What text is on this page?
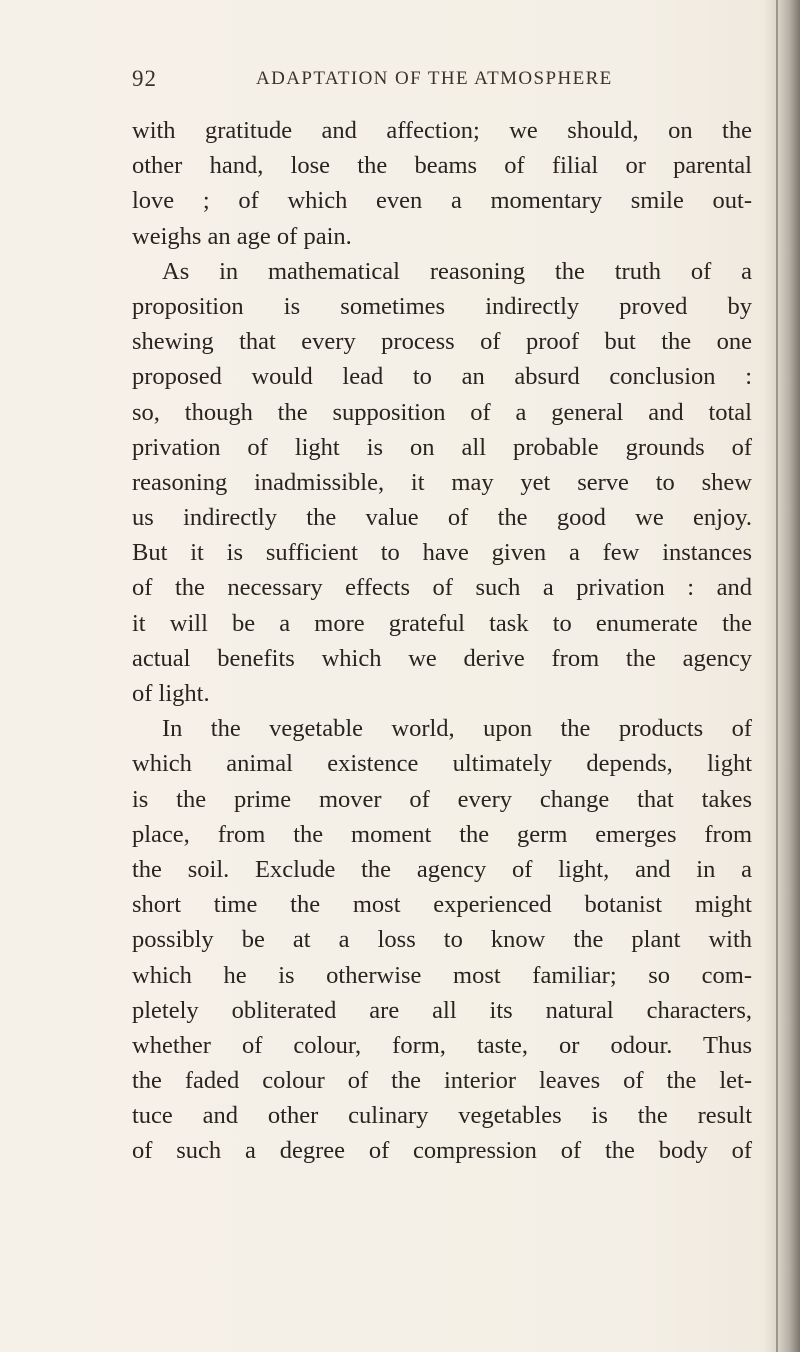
92	ADAPTATION OF THE ATMOSPHERE
with gratitude and affection; we should, on the
other hand, lose the beams of filial or parental
love ; of which even a momentary smile out-
weighs an age of pain.
As in mathematical reasoning the truth of a
proposition is sometimes indirectly proved by
shewing that every process of proof but the one
proposed would lead to an absurd conclusion :
so, though the supposition of a general and total
privation of light is on all probable grounds of
reasoning inadmissible, it may yet serve to shew
us indirectly the value of the good we enjoy.
But it is sufficient to have given a few instances
of the necessary effects of such a privation : and
it will be a more grateful task to enumerate the
actual benefits which we derive from the agency
of light.
In the vegetable world, upon the products of
which animal existence ultimately depends, light
is the prime mover of every change that takes
place, from the moment the germ emerges from
the soil. Exclude the agency of light, and in a
short time the most experienced botanist might
possibly be at a loss to know the plant with
which he is otherwise most familiar; so com-
pletely obliterated are all its natural characters,
whether of colour, form, taste, or odour. Thus
the faded colour of the interior leaves of the let-
tuce and other culinary vegetables is the result
of such a degree of compression of the body of
